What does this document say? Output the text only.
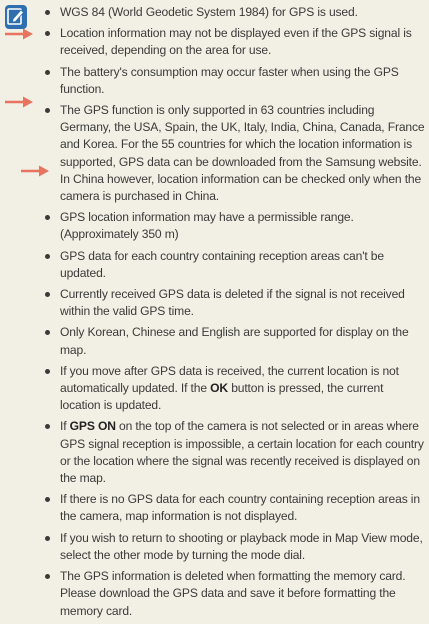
WGS 84 (World Geodetic System 1984) for GPS is used.
Location information may not be displayed even if the GPS signal is received, depending on the area for use.
The battery's consumption may occur faster when using the GPS function.
The GPS function is only supported in 63 countries including Germany, the USA, Spain, the UK, Italy, India, China, Canada, France and Korea. For the 55 countries for which the location information is supported, GPS data can be downloaded from the Samsung website. In China however, location information can be checked only when the camera is purchased in China.
GPS location information may have a permissible range. (Approximately 350 m)
GPS data for each country containing reception areas can't be updated.
Currently received GPS data is deleted if the signal is not received within the valid GPS time.
Only Korean, Chinese and English are supported for display on the map.
If you move after GPS data is received, the current location is not automatically updated. If the OK button is pressed, the current location is updated.
If GPS ON on the top of the camera is not selected or in areas where GPS signal reception is impossible, a certain location for each country or the location where the signal was recently received is displayed on the map.
If there is no GPS data for each country containing reception areas in the camera, map information is not displayed.
If you wish to return to shooting or playback mode in Map View mode, select the other mode by turning the mode dial.
The GPS information is deleted when formatting the memory card. Please download the GPS data and save it before formatting the memory card.
